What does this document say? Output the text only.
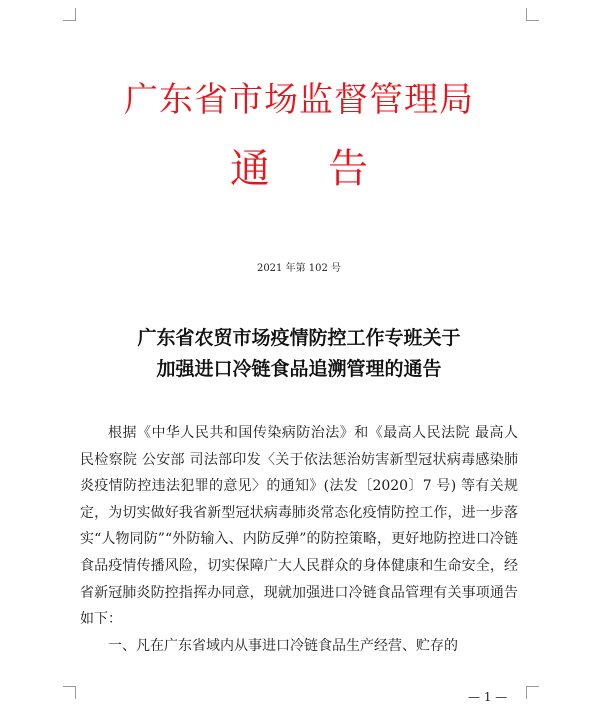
广东省市场监督管理局
通 告
2021 年第 102 号
广东省农贸市场疫情防控工作专班关于
加强进口冷链食品追溯管理的通告

根据《中华人民共和国传染病防治法》和《最高人民法院 最高人民检察院 公安部 司法部印发〈关于依法惩治妨害新型冠状病毒感染肺炎疫情防控违法犯罪的意见〉的通知》(法发〔2020〕7 号) 等有关规定，为切实做好我省新型冠状病毒肺炎常态化疫情防控工作，进一步落实“人物同防”“外防输入、内防反弹”的防控策略，更好地防控进口冷链食品疫情传播风险，切实保障广大人民群众的身体健康和生命安全，经省新冠肺炎防控指挥办同意，现就加强进口冷链食品管理有关事项通告如下：

一、凡在广东省域内从事进口冷链食品生产经营、贮存的

— 1 —
